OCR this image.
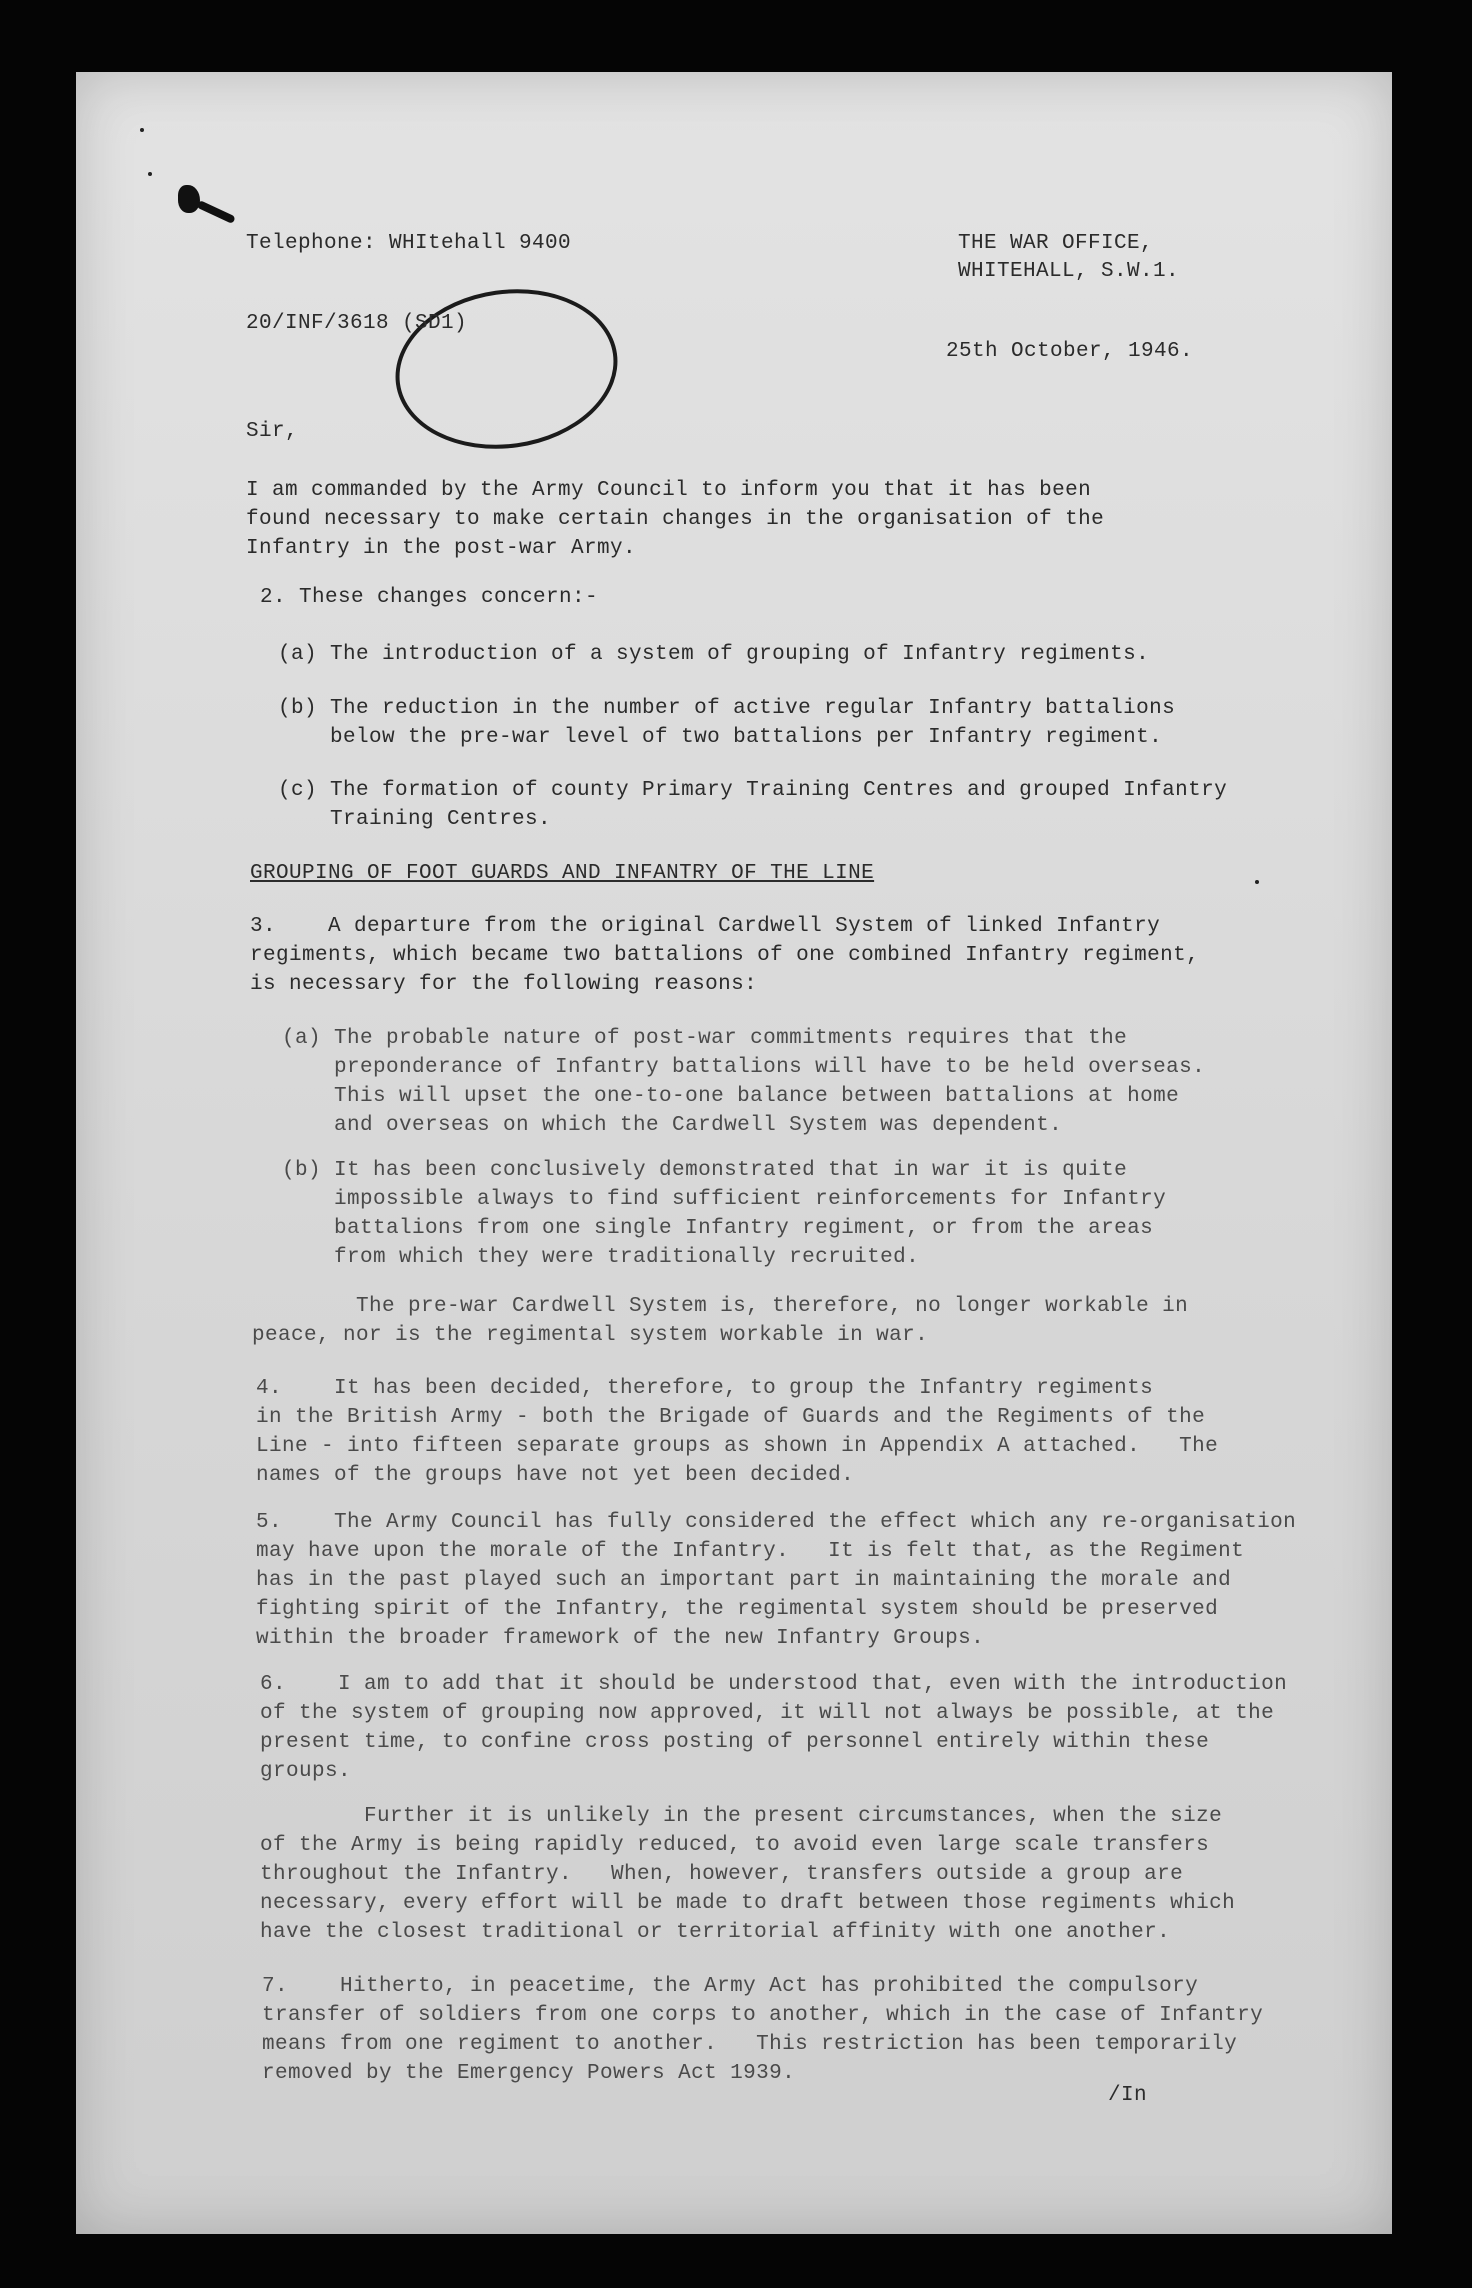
Telephone: WHItehall 9400	THE WAR OFFICE,
WHITEHALL, S.W.1.
20/INF/3618 (SD1)
25th October, 1946.
Sir,
I am commanded by the Army Council to inform you that it has been
found necessary to make certain changes in the organisation of the
Infantry in the post-war Army.
2. These changes concern:-
(a) The introduction of a system of grouping of Infantry regiments.
(b) The reduction in the number of active regular Infantry battalions
below the pre-war level of two battalions per Infantry regiment.
(c) The formation of county Primary Training Centres and grouped Infantry
Training Centres.
GROUPING OF FOOT GUARDS AND INFANTRY OF THE LINE
3.    A departure from the original Cardwell System of linked Infantry
regiments, which became two battalions of one combined Infantry regiment,
is necessary for the following reasons:
(a) The probable nature of post-war commitments requires that the
preponderance of Infantry battalions will have to be held overseas.
This will upset the one-to-one balance between battalions at home
and overseas on which the Cardwell System was dependent.
(b) It has been conclusively demonstrated that in war it is quite
impossible always to find sufficient reinforcements for Infantry
battalions from one single Infantry regiment, or from the areas
from which they were traditionally recruited.
The pre-war Cardwell System is, therefore, no longer workable in
peace, nor is the regimental system workable in war.
4.    It has been decided, therefore, to group the Infantry regiments
in the British Army - both the Brigade of Guards and the Regiments of the
Line - into fifteen separate groups as shown in Appendix A attached.   The
names of the groups have not yet been decided.
5.    The Army Council has fully considered the effect which any re-organisation
may have upon the morale of the Infantry.   It is felt that, as the Regiment
has in the past played such an important part in maintaining the morale and
fighting spirit of the Infantry, the regimental system should be preserved
within the broader framework of the new Infantry Groups.
6.    I am to add that it should be understood that, even with the introduction
of the system of grouping now approved, it will not always be possible, at the
present time, to confine cross posting of personnel entirely within these
groups.
Further it is unlikely in the present circumstances, when the size
of the Army is being rapidly reduced, to avoid even large scale transfers
throughout the Infantry.   When, however, transfers outside a group are
necessary, every effort will be made to draft between those regiments which
have the closest traditional or territorial affinity with one another.
7.    Hitherto, in peacetime, the Army Act has prohibited the compulsory
transfer of soldiers from one corps to another, which in the case of Infantry
means from one regiment to another.   This restriction has been temporarily
removed by the Emergency Powers Act 1939.
/In
